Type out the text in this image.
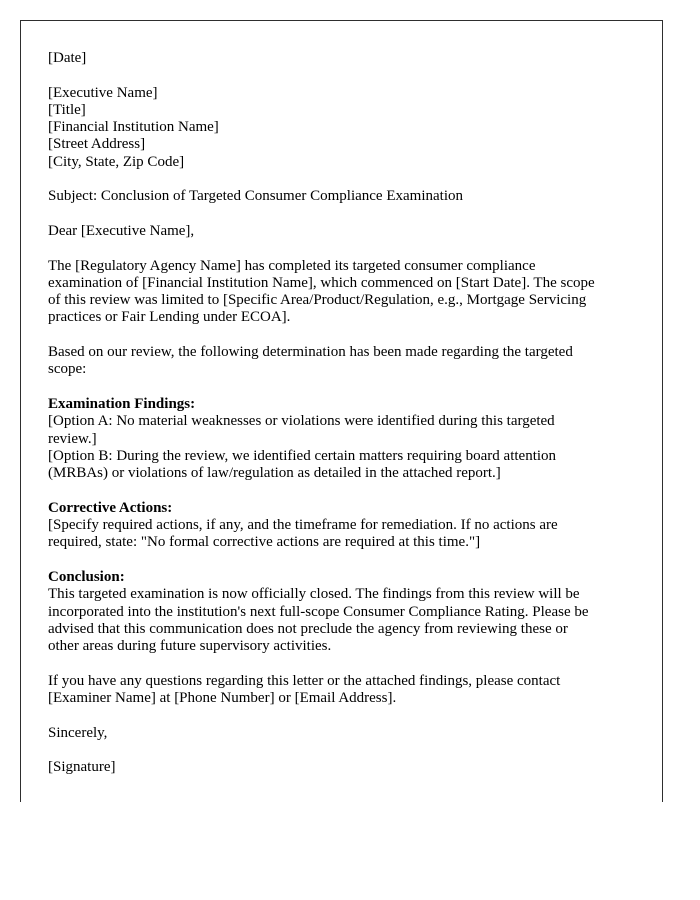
[Date]
[Executive Name]
[Title]
[Financial Institution Name]
[Street Address]
[City, State, Zip Code]
Subject: Conclusion of Targeted Consumer Compliance Examination
Dear [Executive Name],
The [Regulatory Agency Name] has completed its targeted consumer compliance
examination of [Financial Institution Name], which commenced on [Start Date]. The scope
of this review was limited to [Specific Area/Product/Regulation, e.g., Mortgage Servicing
practices or Fair Lending under ECOA].
Based on our review, the following determination has been made regarding the targeted
scope:
Examination Findings:
[Option A: No material weaknesses or violations were identified during this targeted
review.]
[Option B: During the review, we identified certain matters requiring board attention
(MRBAs) or violations of law/regulation as detailed in the attached report.]
Corrective Actions:
[Specify required actions, if any, and the timeframe for remediation. If no actions are
required, state: "No formal corrective actions are required at this time."]
Conclusion:
This targeted examination is now officially closed. The findings from this review will be
incorporated into the institution's next full-scope Consumer Compliance Rating. Please be
advised that this communication does not preclude the agency from reviewing these or
other areas during future supervisory activities.
If you have any questions regarding this letter or the attached findings, please contact
[Examiner Name] at [Phone Number] or [Email Address].
Sincerely,
[Signature]
